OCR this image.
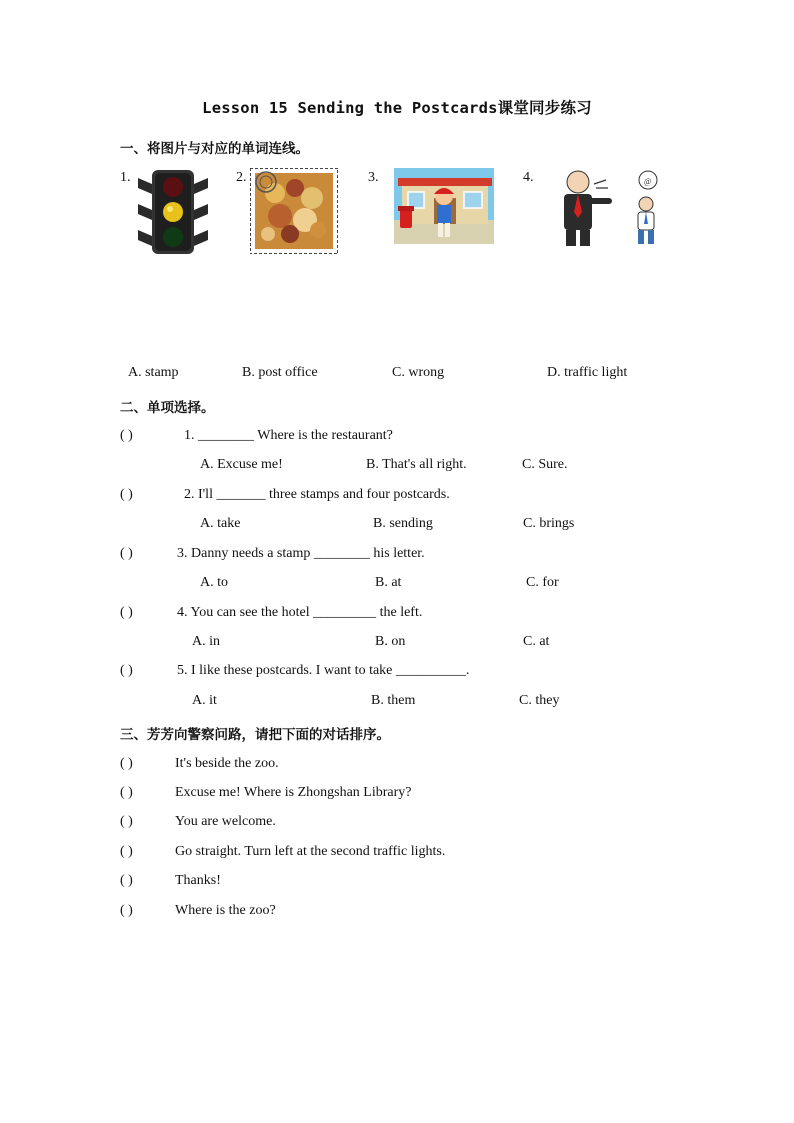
Lesson 15 Sending the Postcards课堂同步练习
一、将图片与对应的单词连线。
1.	2.	3.	4.	@
A. stamp	B. post office	C. wrong	D. traffic light
二、单项选择。
( )	1. ________ Where is the restaurant?
A. Excuse me!	B. That's all right.	C. Sure.
( )	2. I'll _______ three stamps and four postcards.
A. take	B. sending	C. brings
( )	3. Danny needs a stamp ________ his letter.
A. to	B. at	C. for
( )	4. You can see the hotel _________ the left.
A. in	B. on	C. at
( )	5. I like these postcards. I want to take __________.
A. it	B. them	C. they
三、芳芳向警察问路，请把下面的对话排序。
( )	It's beside the zoo.
( )	Excuse me! Where is Zhongshan Library?
( )	You are welcome.
( )	Go straight. Turn left at the second traffic lights.
( )	Thanks!
( )	Where is the zoo?
